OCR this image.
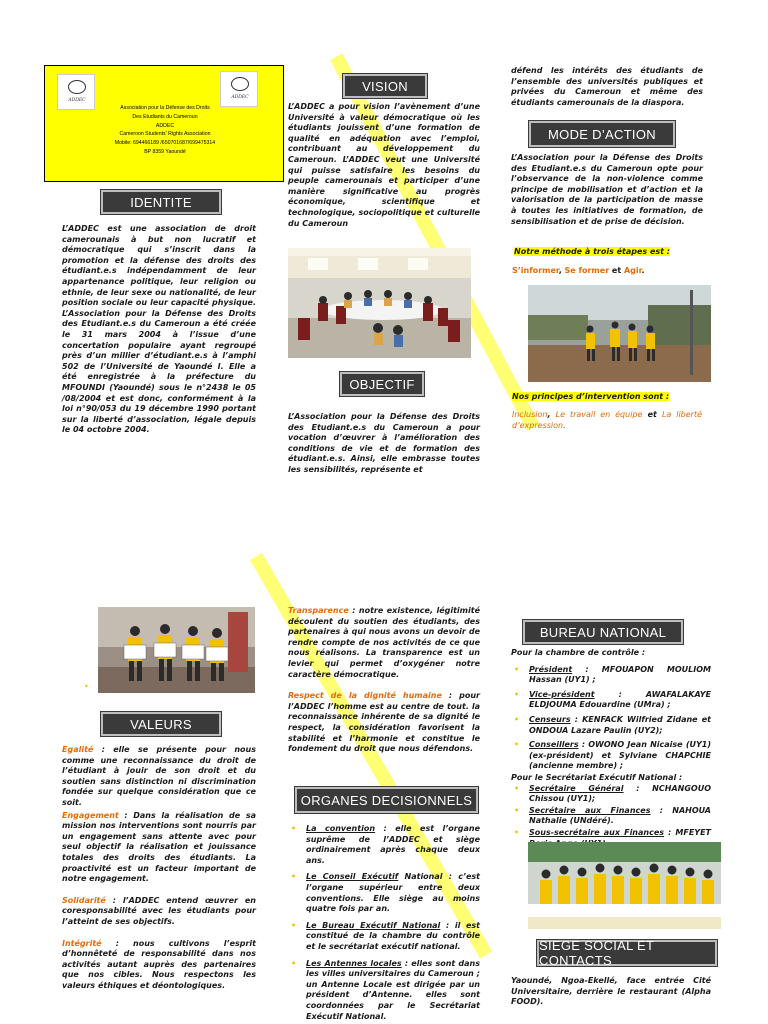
ADDEC
ADDEC
Association pour la Défense des Droits
Des Etudiants du Cameroun
ADDEC
Cameroon Students' Rights Association
Mobile: 694466189 /650701687/699475314
BP 8359 Yaoundé
IDENTITE
L’ADDEC est une association de droit camerounais à but non lucratif et démocratique qui s’inscrit dans la promotion et la défense des droits des étudiant.e.s indépendamment de leur appartenance politique, leur religion ou ethnie, de leur sexe ou nationalité, de leur position sociale ou leur capacité physique. L’Association pour la Défense des Droits des Etudiant.e.s du Cameroun a été créée le 31 mars 2004 à l’issue d’une concertation populaire ayant regroupé près d’un millier d’étudiant.e.s à l’amphi 502 de l’Université de Yaoundé I. Elle a été enregistrée à la préfecture du MFOUNDI (Yaoundé) sous le n°2438 le 05 /08/2004 et est donc, conformément à la loi n°90/053 du 19 décembre 1990 portant sur la liberté d’association, légale depuis le 04 octobre 2004.
VISION
L’ADDEC a pour vision l’avènement d’une Université à valeur démocratique où les étudiants jouissent d’une formation de qualité en adéquation avec l’emploi, contribuant au développement du Cameroun. L’ADDEC veut une Université qui puisse satisfaire les besoins du peuple camerounais et participer d’une manière significative au progrès économique, scientifique et technologique, sociopolitique et culturelle du Cameroun
OBJECTIF
L’Association pour la Défense des Droits des Etudiant.e.s du Cameroun a pour vocation d’œuvrer à l’amélioration des conditions de vie et de formation des étudiant.e.s. Ainsi, elle embrasse toutes les sensibilités, représente et
défend les intérêts des étudiants de l’ensemble des universités publiques et privées du Cameroun et même des étudiants camerounais de la diaspora.
MODE D’ACTION
L’Association pour la Défense des Droits des Etudiant.e.s du Cameroun opte pour l’observance de la non-violence comme principe de mobilisation et d’action et la valorisation de la participation de masse à toutes les initiatives de formation, de sensibilisation et de prise de décision.
Notre méthode à trois étapes est :
S’informer, Se former et Agir.
Nos principes d’intervention sont :
Inclusion, Le travail en équipe et La liberté d’expression.
•
VALEURS
Egalité : elle se présente pour nous comme une reconnaissance du droit de l’étudiant à jouir de son droit et du soutien sans distinction ni discrimination fondée sur quelque considération que ce soit.
Engagement : Dans la réalisation de sa mission nos interventions sont nourris par un engagement sans attente avec pour seul objectif la réalisation et jouissance totales des droits des étudiants. La proactivité est un facteur important de notre engagement.
Solidarité : l’ADDEC entend œuvrer en coresponsabilité avec les étudiants pour l’atteint de ses objectifs.
Intégrité : nous cultivons l’esprit d’honnêteté de responsabilité dans nos activités autant auprès des partenaires que nos cibles. Nous respectons les valeurs éthiques et déontologiques.
Transparence : notre existence, légitimité découlent du soutien des étudiants, des partenaires à qui nous avons un devoir de rendre compte de nos activités de ce que nous réalisons. La transparence est un levier qui permet d’oxygéner notre caractère démocratique.
Respect de la dignité humaine : pour l’ADDEC l’homme est au centre de tout. la reconnaissance inhérente de sa dignité le respect, la considération favorisent la stabilité et l’harmonie et constitue le fondement du droit que nous défendons.
ORGANES DECISIONNELS
• La convention : elle est l’organe suprême de l’ADDEC et siège ordinairement après chaque deux ans.
• Le Conseil Exécutif National : c’est l’organe supérieur entre deux conventions. Elle siège au moins quatre fois par an.
• Le Bureau Exécutif National : il est constitué de la chambre du contrôle et le secrétariat exécutif national.
• Les Antennes locales : elles sont dans les villes universitaires du Cameroun ; un Antenne Locale est dirigée par un président d’Antenne. elles sont coordonnées par le Secrétariat Exécutif National.
BUREAU NATIONAL
Pour la chambre de contrôle :
• Président : MFOUAPON MOULIOM Hassan (UY1) ;
• Vice-président : AWAFALAKAYE ELDJOUMA Edouardine (UMra) ;
• Censeurs : KENFACK Wilfried Zidane et ONDOUA Lazare Paulin (UY2);
• Conseillers : OWONO Jean Nicaise (UY1) (ex-président) et Sylviane CHAPCHIE (ancienne membre) ;
Pour le Secrétariat Exécutif National :
• Secrétaire Général : NCHANGOUO Chissou (UY1);
• Secrétaire aux Finances : NAHOUA Nathalie (UNdéré).
• Sous-secrétaire aux Finances : MFEYET
SIEGE SOCIAL ET CONTACTS
Yaoundé, Ngoa-Ekellé, face entrée Cité Universitaire, derrière le restaurant (Alpha FOOD).
